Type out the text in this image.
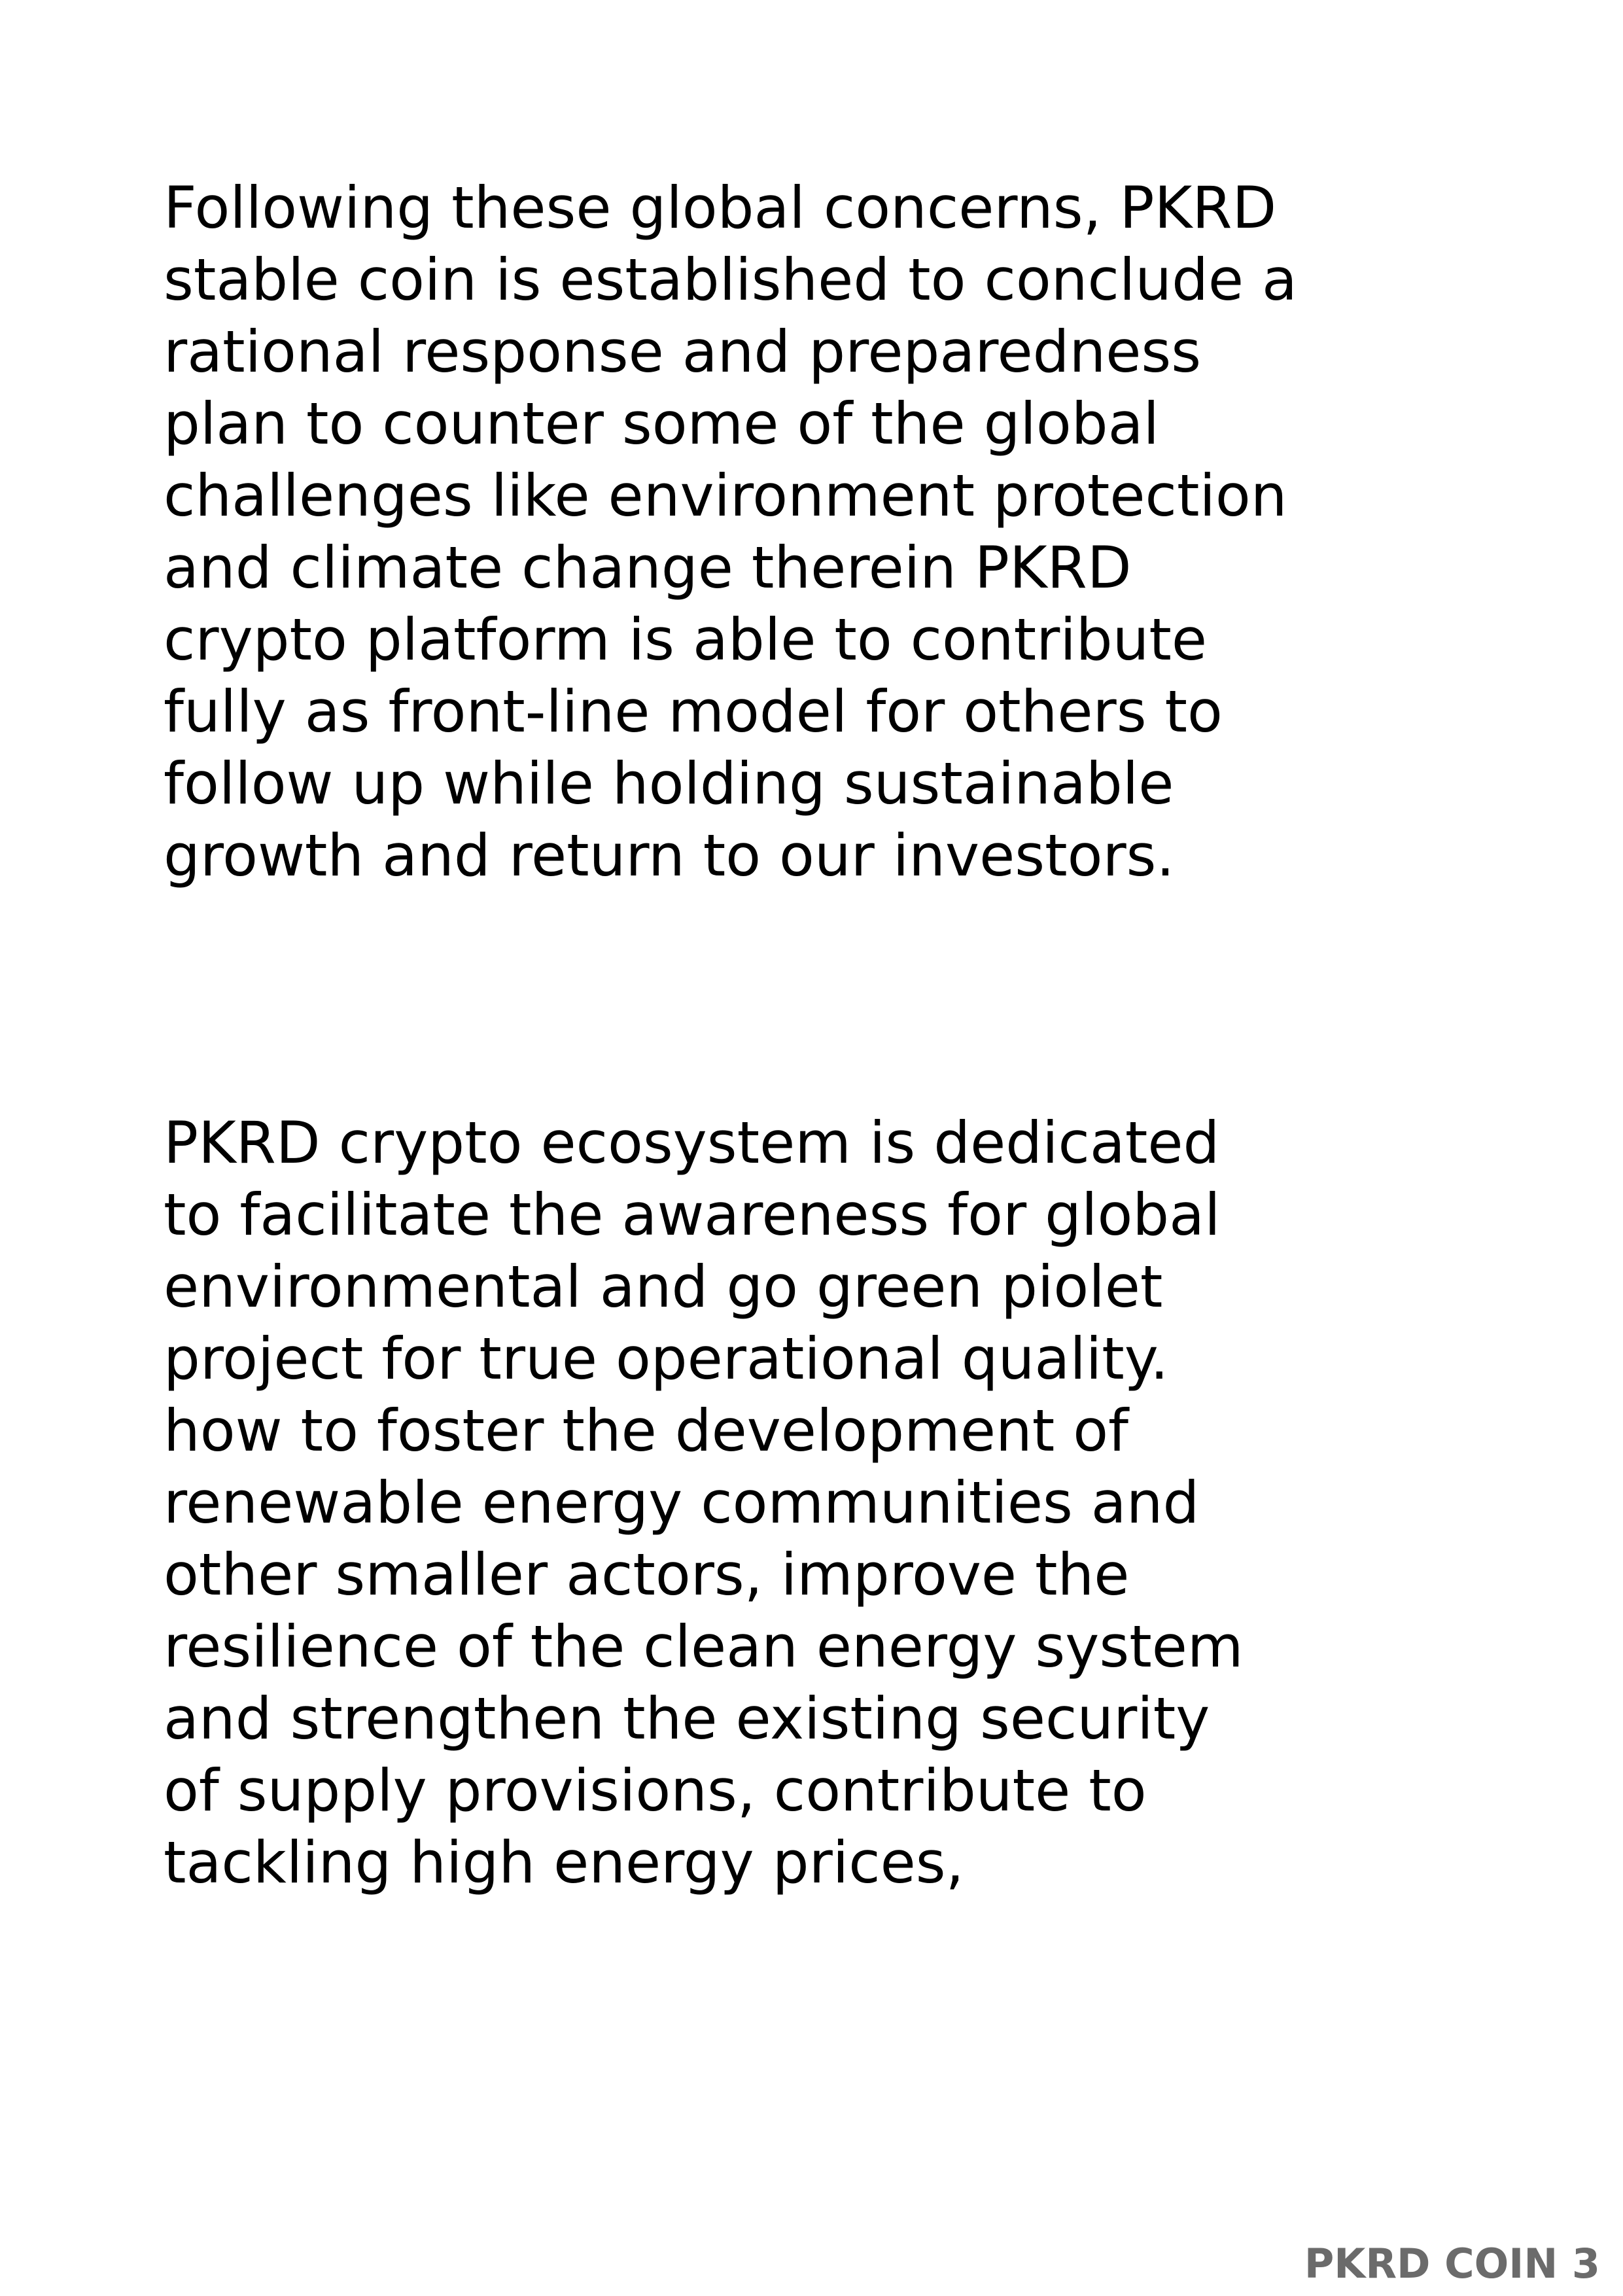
Following these global concerns, PKRD
stable coin is established to conclude a
rational response and preparedness
plan to counter some of the global
challenges like environment protection
and climate change therein PKRD
crypto platform is able to contribute
fully as front-line model for others to
follow up while holding sustainable
growth and return to our investors.

PKRD crypto ecosystem is dedicated
to facilitate the awareness for global
environmental and go green piolet
project for true operational quality.
how to foster the development of
renewable energy communities and
other smaller actors, improve the
resilience of the clean energy system
and strengthen the existing security
of supply provisions, contribute to
tackling high energy prices,

PKRD COIN 3
